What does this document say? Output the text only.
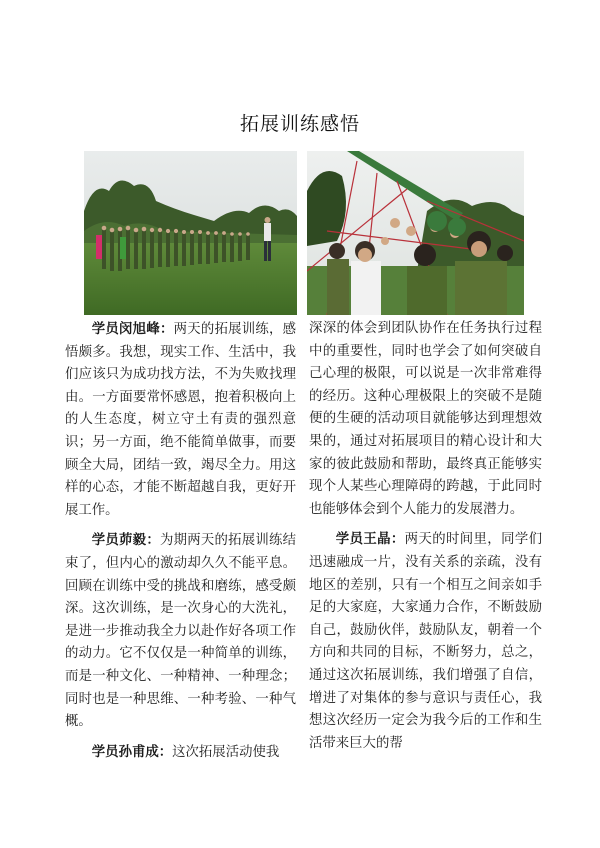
拓展训练感悟

学员闵旭峰：两天的拓展训练，感悟颇多。我想，现实工作、生活中，我们应该只为成功找方法，不为失败找理由。一方面要常怀感恩，抱着积极向上的人生态度，树立守土有责的强烈意识；另一方面，绝不能简单做事，而要顾全大局，团结一致，竭尽全力。用这样的心态，才能不断超越自我，更好开展工作。

学员茆毅：为期两天的拓展训练结束了，但内心的激动却久久不能平息。回顾在训练中受的挑战和磨练，感受颇深。这次训练，是一次身心的大洗礼，是进一步推动我全力以赴作好各项工作的动力。它不仅仅是一种简单的训练，而是一种文化、一种精神、一种理念；同时也是一种思维、一种考验、一种气概。

学员孙甫成：这次拓展活动使我

深深的体会到团队协作在任务执行过程中的重要性，同时也学会了如何突破自己心理的极限，可以说是一次非常难得的经历。这种心理极限上的突破不是随便的生硬的活动项目就能够达到理想效果的，通过对拓展项目的精心设计和大家的彼此鼓励和帮助，最终真正能够实现个人某些心理障碍的跨越，于此同时也能够体会到个人能力的发展潜力。

学员王晶：两天的时间里，同学们迅速融成一片，没有关系的亲疏，没有地区的差别，只有一个相互之间亲如手足的大家庭，大家通力合作，不断鼓励自己，鼓励伙伴，鼓励队友，朝着一个方向和共同的目标，不断努力，总之，通过这次拓展训练，我们增强了自信，增进了对集体的参与意识与责任心，我想这次经历一定会为我今后的工作和生活带来巨大的帮
